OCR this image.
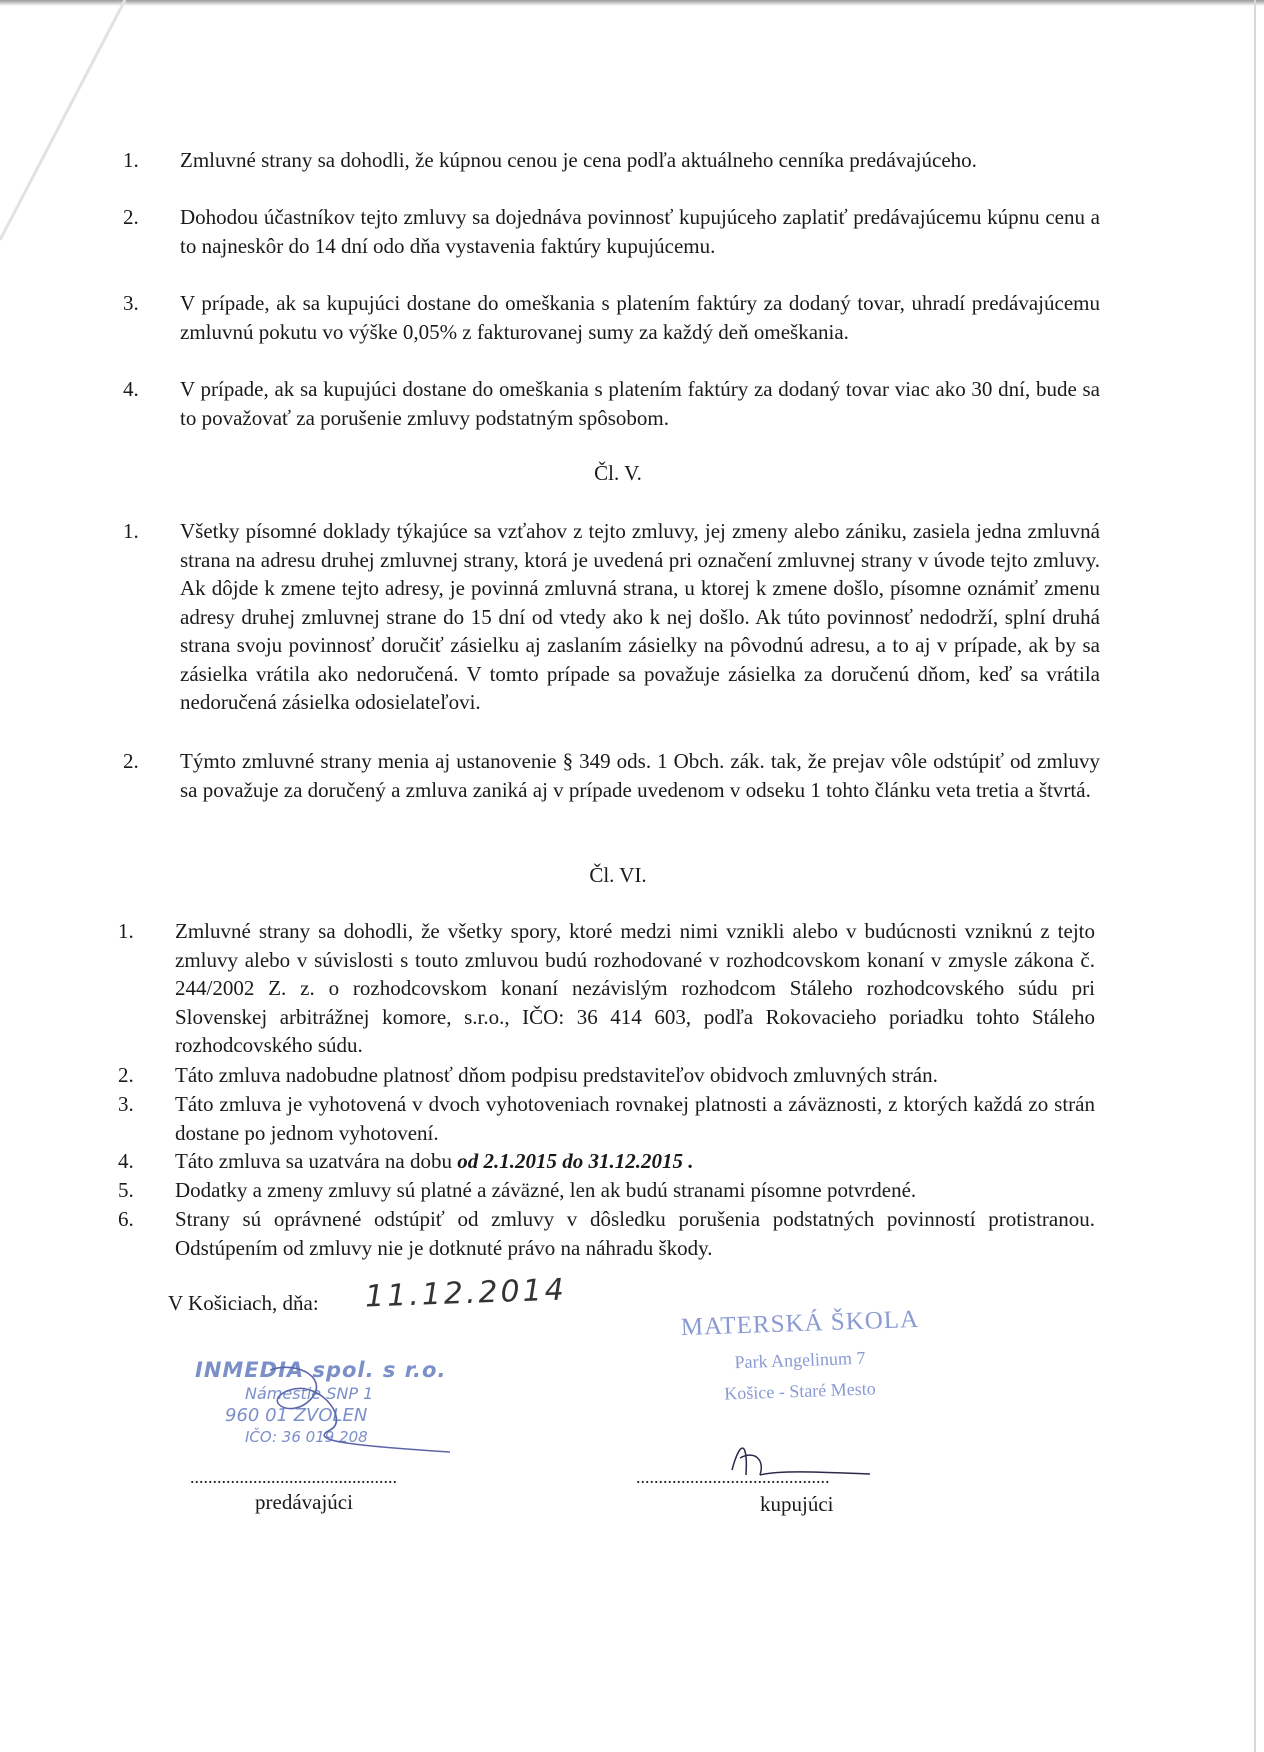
1.	Zmluvné strany sa dohodli, že kúpnou cenou je cena podľa aktuálneho cenníka predávajúceho.
2.	Dohodou účastníkov tejto zmluvy sa dojednáva povinnosť kupujúceho zaplatiť predávajúcemu kúpnu cenu a to najneskôr do 14 dní odo dňa vystavenia faktúry kupujúcemu.
3.	V prípade, ak sa kupujúci dostane do omeškania s platením faktúry za dodaný tovar, uhradí predávajúcemu zmluvnú pokutu vo výške 0,05% z fakturovanej sumy za každý deň omeškania.
4.	V prípade, ak sa kupujúci dostane do omeškania s platením faktúry za dodaný tovar viac ako 30 dní, bude sa to považovať za porušenie zmluvy podstatným spôsobom.
Čl. V.
1.	Všetky písomné doklady týkajúce sa vzťahov z tejto zmluvy, jej zmeny alebo zániku, zasiela jedna zmluvná strana na adresu druhej zmluvnej strany, ktorá je uvedená pri označení zmluvnej strany v úvode tejto zmluvy. Ak dôjde k zmene tejto adresy, je povinná zmluvná strana, u ktorej k zmene došlo, písomne oznámiť zmenu adresy druhej zmluvnej strane do 15 dní od vtedy ako k nej došlo. Ak túto povinnosť nedodrží, splní druhá strana svoju povinnosť doručiť zásielku aj zaslaním zásielky na pôvodnú adresu, a to aj v prípade, ak by sa zásielka vrátila ako nedoručená. V tomto prípade sa považuje zásielka za doručenú dňom, keď sa vrátila nedoručená zásielka odosielateľovi.
2.	Týmto zmluvné strany menia aj ustanovenie § 349 ods. 1 Obch. zák. tak, že prejav vôle odstúpiť od zmluvy sa považuje za doručený a zmluva zaniká aj v prípade uvedenom v odseku 1 tohto článku veta tretia a štvrtá.
Čl. VI.
1.	Zmluvné strany sa dohodli, že všetky spory, ktoré medzi nimi vznikli alebo v budúcnosti vzniknú z tejto zmluvy alebo v súvislosti s touto zmluvou budú rozhodované v rozhodcovskom konaní v zmysle zákona č. 244/2002 Z. z. o rozhodcovskom konaní nezávislým rozhodcom Stáleho rozhodcovského súdu pri Slovenskej arbitrážnej komore, s.r.o., IČO: 36 414 603, podľa Rokovacieho poriadku tohto Stáleho rozhodcovského súdu.
2.	Táto zmluva nadobudne platnosť dňom podpisu predstaviteľov obidvoch zmluvných strán.
3.	Táto zmluva je vyhotovená v dvoch vyhotoveniach rovnakej platnosti a záväznosti, z ktorých každá zo strán dostane po jednom vyhotovení.
4.	Táto zmluva sa uzatvára na dobu od 2.1.2015 do 31.12.2015 .
5.	Dodatky a zmeny zmluvy sú platné a záväzné, len ak budú stranami písomne potvrdené.
6.	Strany sú oprávnené odstúpiť od zmluvy v dôsledku porušenia podstatných povinností protistranou. Odstúpením od zmluvy nie je dotknuté právo na náhradu škody.
V Košiciach, dňa: 11.12.2014
MATERSKÁ ŠKOLA
Park Angelinum 7
Košice - Staré Mesto
INMEDIA spol. s r.o.
Námestie SNP 1
960 01 ZVOLEN
IČO: 36 019 208
..............................................	...........................................
predávajúci	kupujúci
